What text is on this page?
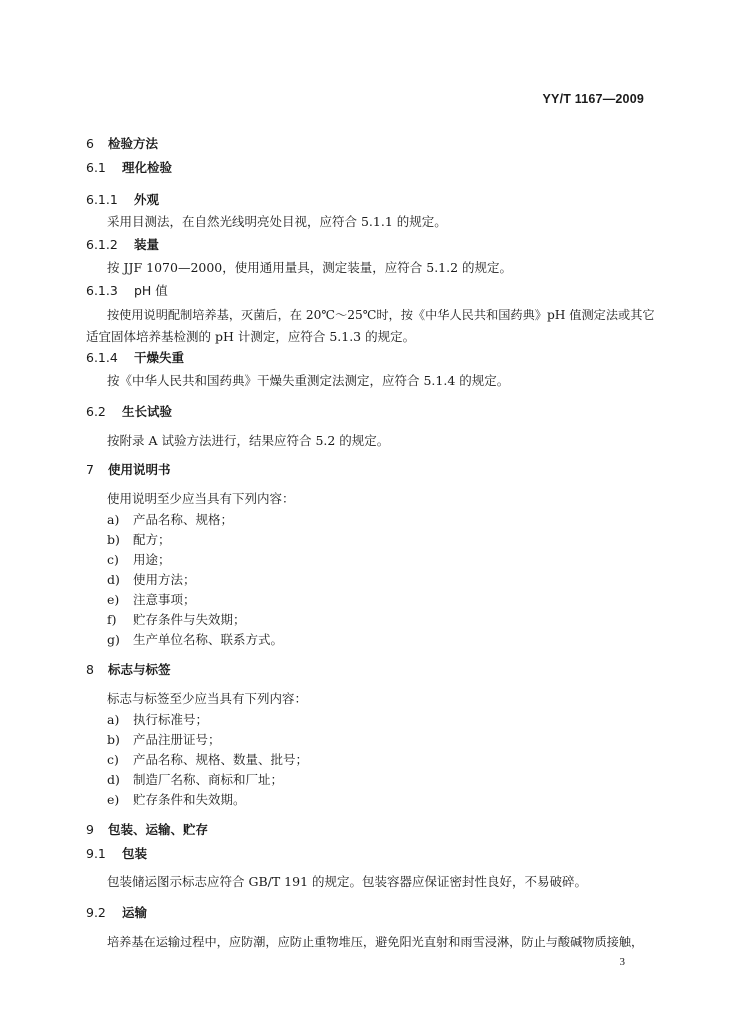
YY/T 1167—2009
6 检验方法
6.1 理化检验
6.1.1 外观
采用目测法，在自然光线明亮处目视，应符合 5.1.1 的规定。
6.1.2 装量
按 JJF 1070—2000，使用通用量具，测定装量，应符合 5.1.2 的规定。
6.1.3 pH 值
按使用说明配制培养基，灭菌后，在 20℃～25℃时，按《中华人民共和国药典》pH 值测定法或其它
适宜固体培养基检测的 pH 计测定，应符合 5.1.3 的规定。
6.1.4 干燥失重
按《中华人民共和国药典》干燥失重测定法测定，应符合 5.1.4 的规定。
6.2 生长试验
按附录 A 试验方法进行，结果应符合 5.2 的规定。
7 使用说明书
使用说明至少应当具有下列内容：
a) 产品名称、规格；
b) 配方；
c) 用途；
d) 使用方法；
e) 注意事项；
f) 贮存条件与失效期；
g) 生产单位名称、联系方式。
8 标志与标签
标志与标签至少应当具有下列内容：
a) 执行标准号；
b) 产品注册证号；
c) 产品名称、规格、数量、批号；
d) 制造厂名称、商标和厂址；
e) 贮存条件和失效期。
9 包装、运输、贮存
9.1 包装
包装储运图示标志应符合 GB/T 191 的规定。包装容器应保证密封性良好，不易破碎。
9.2 运输
培养基在运输过程中，应防潮，应防止重物堆压，避免阳光直射和雨雪浸淋，防止与酸碱物质接触，
3
